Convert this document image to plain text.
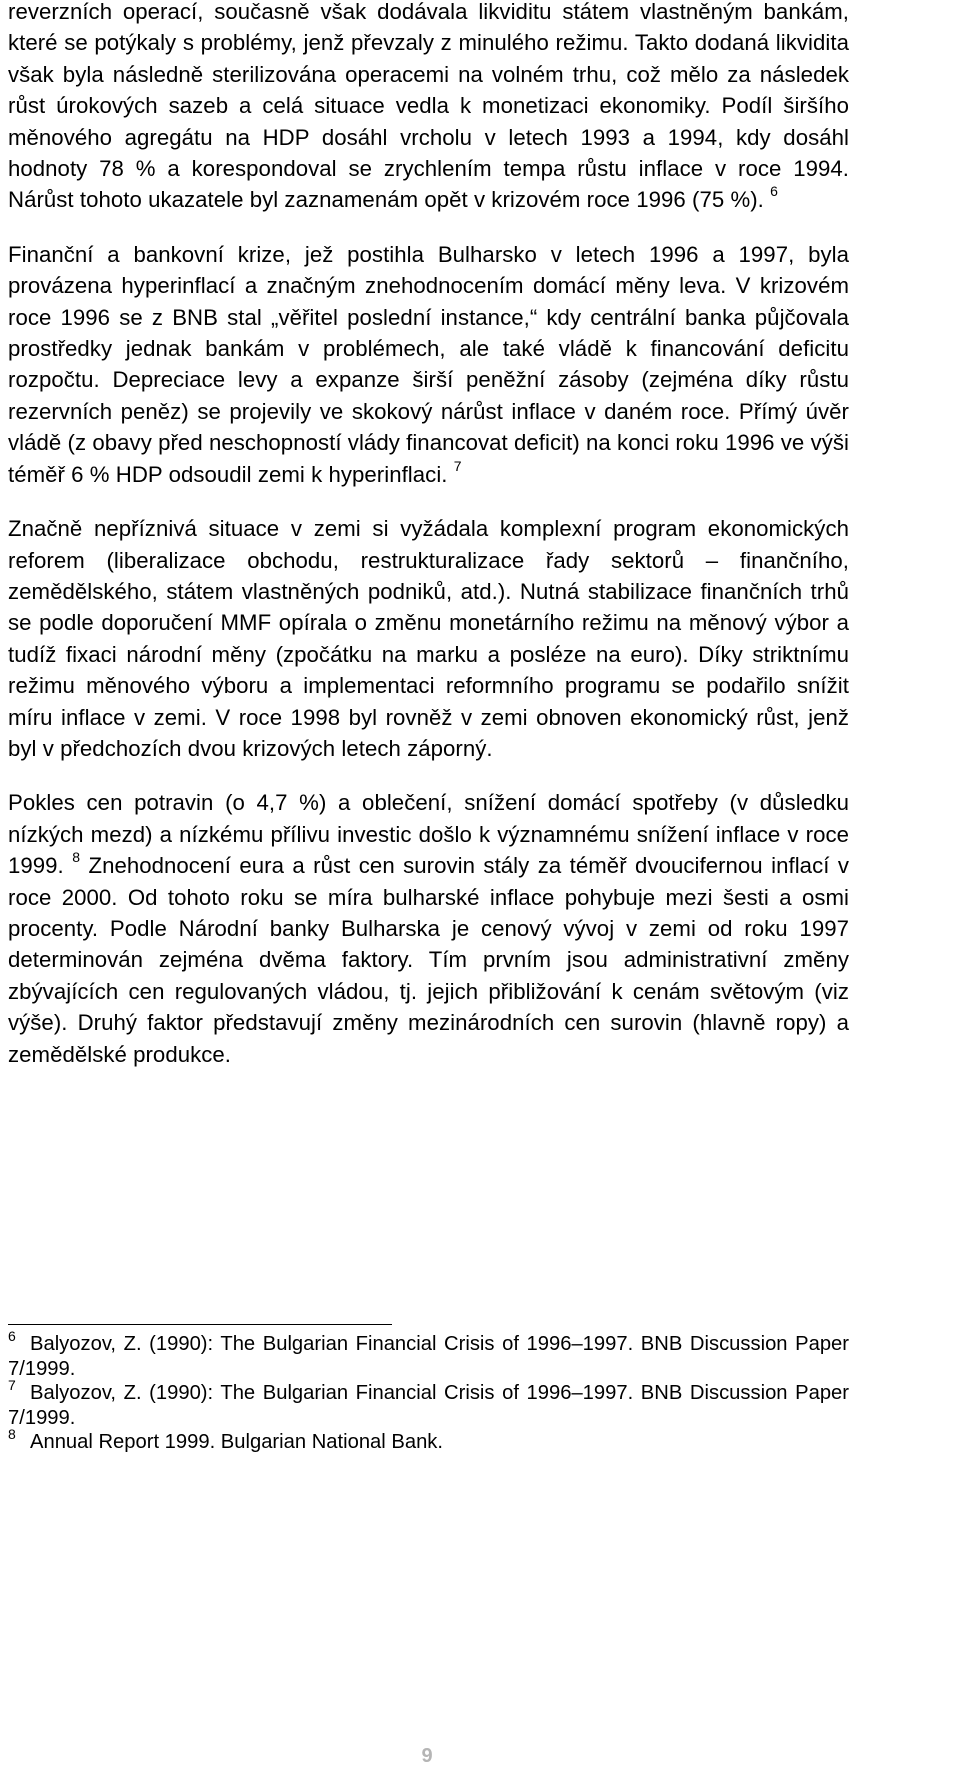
reverzních operací, současně však dodávala likviditu státem vlastněným bankám, které se potýkaly s problémy, jenž převzaly z minulého režimu. Takto dodaná likvidita však byla následně sterilizována operacemi na volném trhu, což mělo za následek růst úrokových sazeb a celá situace vedla k monetizaci ekonomiky. Podíl širšího měnového agregátu na HDP dosáhl vrcholu v letech 1993 a 1994, kdy dosáhl hodnoty 78 % a korespondoval se zrychlením tempa růstu inflace v roce 1994. Nárůst tohoto ukazatele byl zaznamenám opět v krizovém roce 1996 (75 %). $^6$

Finanční a bankovní krize, jež postihla Bulharsko v letech 1996 a 1997, byla provázena hyperinflací a značným znehodnocením domácí měny leva. V krizovém roce 1996 se z BNB stal „věřitel poslední instance,“ kdy centrální banka půjčovala prostředky jednak bankám v problémech, ale také vládě k financování deficitu rozpočtu. Depreciace levy a expanze širší peněžní zásoby (zejména díky růstu rezervních peněz) se projevily ve skokový nárůst inflace v daném roce. Přímý úvěr vládě (z obavy před neschopností vlády financovat deficit) na konci roku 1996 ve výši téměř 6 % HDP odsoudil zemi k hyperinflaci. $^7$

Značně nepříznivá situace v zemi si vyžádala komplexní program ekonomických reforem (liberalizace obchodu, restrukturalizace řady sektorů – finančního, zemědělského, státem vlastněných podniků, atd.). Nutná stabilizace finančních trhů se podle doporučení MMF opírala o změnu monetárního režimu na měnový výbor a tudíž fixaci národní měny (zpočátku na marku a posléze na euro). Díky striktnímu režimu měnového výboru a implementaci reformního programu se podařilo snížit míru inflace v zemi. V roce 1998 byl rovněž v zemi obnoven ekonomický růst, jenž byl v předchozích dvou krizových letech záporný.

Pokles cen potravin (o 4,7 %) a oblečení, snížení domácí spotřeby (v důsledku nízkých mezd) a nízkému přílivu investic došlo k významnému snížení inflace v roce 1999. $^8$ Znehodnocení eura a růst cen surovin stály za téměř dvoucifernou inflací v roce 2000. Od tohoto roku se míra bulharské inflace pohybuje mezi šesti a osmi procenty. Podle Národní banky Bulharska je cenový vývoj v zemi od roku 1997 determinován zejména dvěma faktory. Tím prvním jsou administrativní změny zbývajících cen regulovaných vládou, tj. jejich přibližování k cenám světovým (viz výše). Druhý faktor představují změny mezinárodních cen surovin (hlavně ropy) a zemědělské produkce.

6 Balyozov, Z. (1990): The Bulgarian Financial Crisis of 1996–1997. BNB Discussion Paper 7/1999.

7 Balyozov, Z. (1990): The Bulgarian Financial Crisis of 1996–1997. BNB Discussion Paper 7/1999.

8 Annual Report 1999. Bulgarian National Bank.

9
